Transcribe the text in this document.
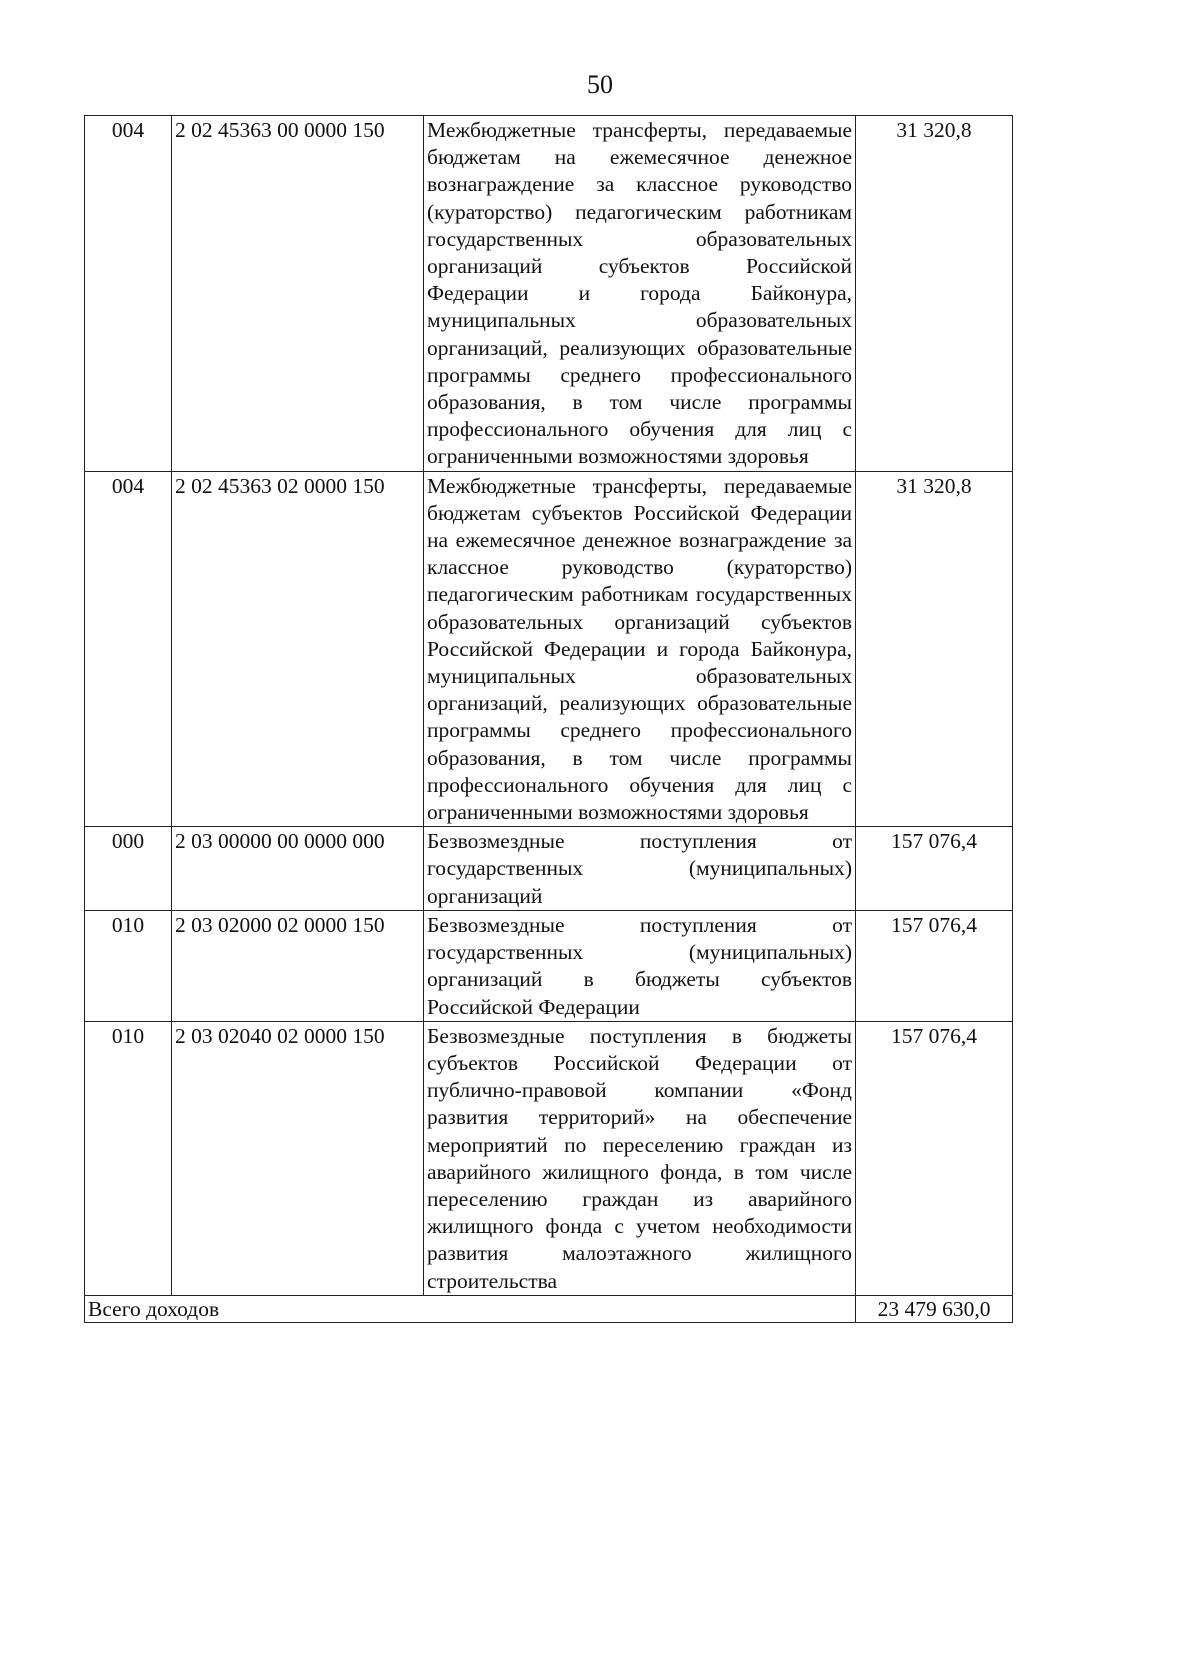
50
004	2 02 45363 00 0000 150	Межбюджетные трансферты, передаваемые бюджетам на ежемесячное денежное вознаграждение за классное руководство (кураторство) педагогическим работникам государственных образовательных организаций субъектов Российской Федерации и города Байконура, муниципальных образовательных организаций, реализующих образовательные программы среднего профессионального образования, в том числе программы профессионального обучения для лиц с ограниченными возможностями здоровья	31 320,8
004	2 02 45363 02 0000 150	Межбюджетные трансферты, передаваемые бюджетам субъектов Российской Федерации на ежемесячное денежное вознаграждение за классное руководство (кураторство) педагогическим работникам государственных образовательных организаций субъектов Российской Федерации и города Байконура, муниципальных образовательных организаций, реализующих образовательные программы среднего профессионального образования, в том числе программы профессионального обучения для лиц с ограниченными возможностями здоровья	31 320,8
000	2 03 00000 00 0000 000	Безвозмездные поступления от государственных (муниципальных) организаций	157 076,4
010	2 03 02000 02 0000 150	Безвозмездные поступления от государственных (муниципальных) организаций в бюджеты субъектов Российской Федерации	157 076,4
010	2 03 02040 02 0000 150	Безвозмездные поступления в бюджеты субъектов Российской Федерации от публично-правовой компании «Фонд развития территорий» на обеспечение мероприятий по переселению граждан из аварийного жилищного фонда, в том числе переселению граждан из аварийного жилищного фонда с учетом необходимости развития малоэтажного жилищного строительства	157 076,4
Всего доходов			23 479 630,0
